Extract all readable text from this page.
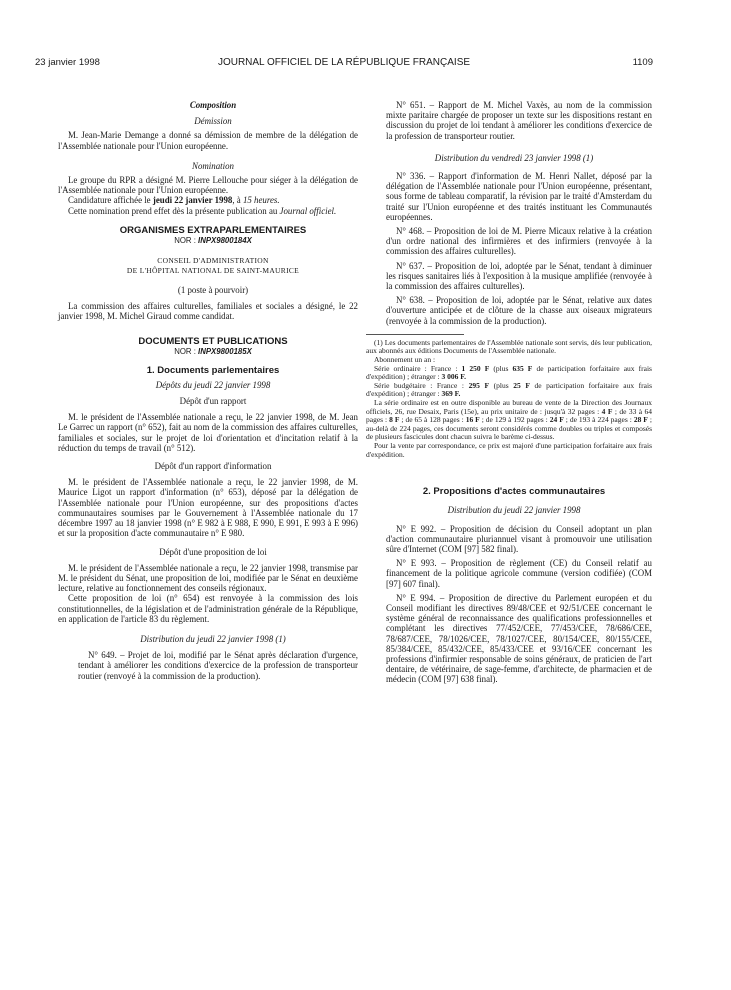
23 janvier 1998	JOURNAL OFFICIEL DE LA RÉPUBLIQUE FRANÇAISE	1109

Composition

Démission

M. Jean-Marie Demange a donné sa démission de membre de la délégation de l'Assemblée nationale pour l'Union européenne.

Nomination

Le groupe du RPR a désigné M. Pierre Lellouche pour siéger à la délégation de l'Assemblée nationale pour l'Union européenne.

Candidature affichée le jeudi 22 janvier 1998, à 15 heures.

Cette nomination prend effet dès la présente publication au Journal officiel.

ORGANISMES EXTRAPARLEMENTAIRES

NOR : INPX9800184X

CONSEIL D'ADMINISTRATION

DE L'HÔPITAL NATIONAL DE SAINT-MAURICE

(1 poste à pourvoir)

La commission des affaires culturelles, familiales et sociales a désigné, le 22 janvier 1998, M. Michel Giraud comme candidat.

DOCUMENTS ET PUBLICATIONS

NOR : INPX9800185X

1. Documents parlementaires

Dépôts du jeudi 22 janvier 1998

Dépôt d'un rapport

M. le président de l'Assemblée nationale a reçu, le 22 janvier 1998, de M. Jean Le Garrec un rapport (n° 652), fait au nom de la commission des affaires culturelles, familiales et sociales, sur le projet de loi d'orientation et d'incitation relatif à la réduction du temps de travail (n° 512).

Dépôt d'un rapport d'information

M. le président de l'Assemblée nationale a reçu, le 22 janvier 1998, de M. Maurice Ligot un rapport d'information (n° 653), déposé par la délégation de l'Assemblée nationale pour l'Union européenne, sur des propositions d'actes communautaires soumises par le Gouvernement à l'Assemblée nationale du 17 décembre 1997 au 18 janvier 1998 (n° E 982 à E 988, E 990, E 991, E 993 à E 996) et sur la proposition d'acte communautaire n° E 980.

Dépôt d'une proposition de loi

M. le président de l'Assemblée nationale a reçu, le 22 janvier 1998, transmise par M. le président du Sénat, une proposition de loi, modifiée par le Sénat en deuxième lecture, relative au fonctionnement des conseils régionaux.

Cette proposition de loi (n° 654) est renvoyée à la commission des lois constitutionnelles, de la législation et de l'administration générale de la République, en application de l'article 83 du règlement.

Distribution du jeudi 22 janvier 1998 (1)

N° 649. – Projet de loi, modifié par le Sénat après déclaration d'urgence, tendant à améliorer les conditions d'exercice de la profession de transporteur routier (renvoyé à la commission de la production).

N° 651. – Rapport de M. Michel Vaxès, au nom de la commission mixte paritaire chargée de proposer un texte sur les dispositions restant en discussion du projet de loi tendant à améliorer les conditions d'exercice de la profession de transporteur routier.

Distribution du vendredi 23 janvier 1998 (1)

N° 336. – Rapport d'information de M. Henri Nallet, déposé par la délégation de l'Assemblée nationale pour l'Union européenne, présentant, sous forme de tableau comparatif, la révision par le traité d'Amsterdam du traité sur l'Union européenne et des traités instituant les Communautés européennes.

N° 468. – Proposition de loi de M. Pierre Micaux relative à la création d'un ordre national des infirmières et des infirmiers (renvoyée à la commission des affaires culturelles).

N° 637. – Proposition de loi, adoptée par le Sénat, tendant à diminuer les risques sanitaires liés à l'exposition à la musique amplifiée (renvoyée à la commission des affaires culturelles).

N° 638. – Proposition de loi, adoptée par le Sénat, relative aux dates d'ouverture anticipée et de clôture de la chasse aux oiseaux migrateurs (renvoyée à la commission de la production).

(1) Les documents parlementaires de l'Assemblée nationale sont servis, dès leur publication, aux abonnés aux éditions Documents de l'Assemblée nationale.

Abonnement un an :

Série ordinaire : France : 1 250 F (plus 635 F de participation forfaitaire aux frais d'expédition) ; étranger : 3 006 F.

Série budgétaire : France : 295 F (plus 25 F de participation forfaitaire aux frais d'expédition) ; étranger : 369 F.

La série ordinaire est en outre disponible au bureau de vente de la Direction des Journaux officiels, 26, rue Desaix, Paris (15e), au prix unitaire de : jusqu'à 32 pages : 4 F ; de 33 à 64 pages : 8 F ; de 65 à 128 pages : 16 F ; de 129 à 192 pages : 24 F ; de 193 à 224 pages : 28 F ; au-delà de 224 pages, ces documents seront considérés comme doubles ou triples et composés de plusieurs fascicules dont chacun suivra le barème ci-dessus.

Pour la vente par correspondance, ce prix est majoré d'une participation forfaitaire aux frais d'expédition.

2. Propositions d'actes communautaires

Distribution du jeudi 22 janvier 1998

N° E 992. – Proposition de décision du Conseil adoptant un plan d'action communautaire pluriannuel visant à promouvoir une utilisation sûre d'Internet (COM [97] 582 final).

N° E 993. – Proposition de règlement (CE) du Conseil relatif au financement de la politique agricole commune (version codifiée) (COM [97] 607 final).

N° E 994. – Proposition de directive du Parlement européen et du Conseil modifiant les directives 89/48/CEE et 92/51/CEE concernant le système général de reconnaissance des qualifications professionnelles et complétant les directives 77/452/CEE, 77/453/CEE, 78/686/CEE, 78/687/CEE, 78/1026/CEE, 78/1027/CEE, 80/154/CEE, 80/155/CEE, 85/384/CEE, 85/432/CEE, 85/433/CEE et 93/16/CEE concernant les professions d'infirmier responsable de soins généraux, de praticien de l'art dentaire, de vétérinaire, de sage-femme, d'architecte, de pharmacien et de médecin (COM [97] 638 final).
